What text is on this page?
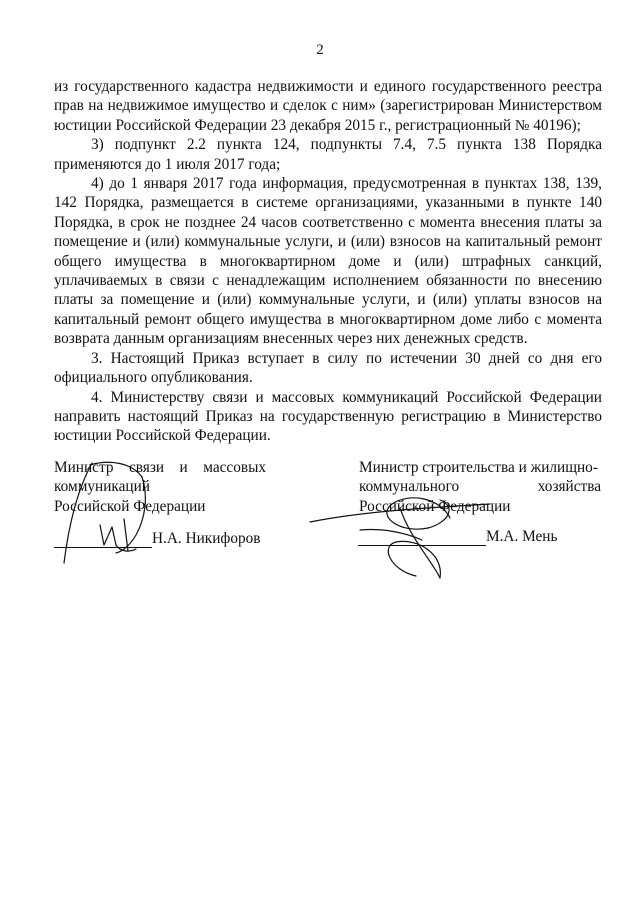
2

из государственного кадастра недвижимости и единого государственного реестра прав на недвижимое имущество и сделок с ним» (зарегистрирован Министерством юстиции Российской Федерации 23 декабря 2015 г., регистрационный № 40196);

3) подпункт 2.2 пункта 124, подпункты 7.4, 7.5 пункта 138 Порядка применяются до 1 июля 2017 года;

4) до 1 января 2017 года информация, предусмотренная в пунктах 138, 139, 142 Порядка, размещается в системе организациями, указанными в пункте 140 Порядка, в срок не позднее 24 часов соответственно с момента внесения платы за помещение и (или) коммунальные услуги, и (или) взносов на капитальный ремонт общего имущества в многоквартирном доме и (или) штрафных санкций, уплачиваемых в связи с ненадлежащим исполнением обязанности по внесению платы за помещение и (или) коммунальные услуги, и (или) уплаты взносов на капитальный ремонт общего имущества в многоквартирном доме либо с момента возврата данным организациям внесенных через них денежных средств.

3. Настоящий Приказ вступает в силу по истечении 30 дней со дня его официального опубликования.

4. Министерству связи и массовых коммуникаций Российской Федерации направить настоящий Приказ на государственную регистрацию в Министерство юстиции Российской Федерации.

Министр связи и массовых
коммуникаций
Российской Федерации
Н.А. Никифоров
Министр строительства и жилищно-
коммунального	хозяйства
Российской Федерации
М.А. Мень
